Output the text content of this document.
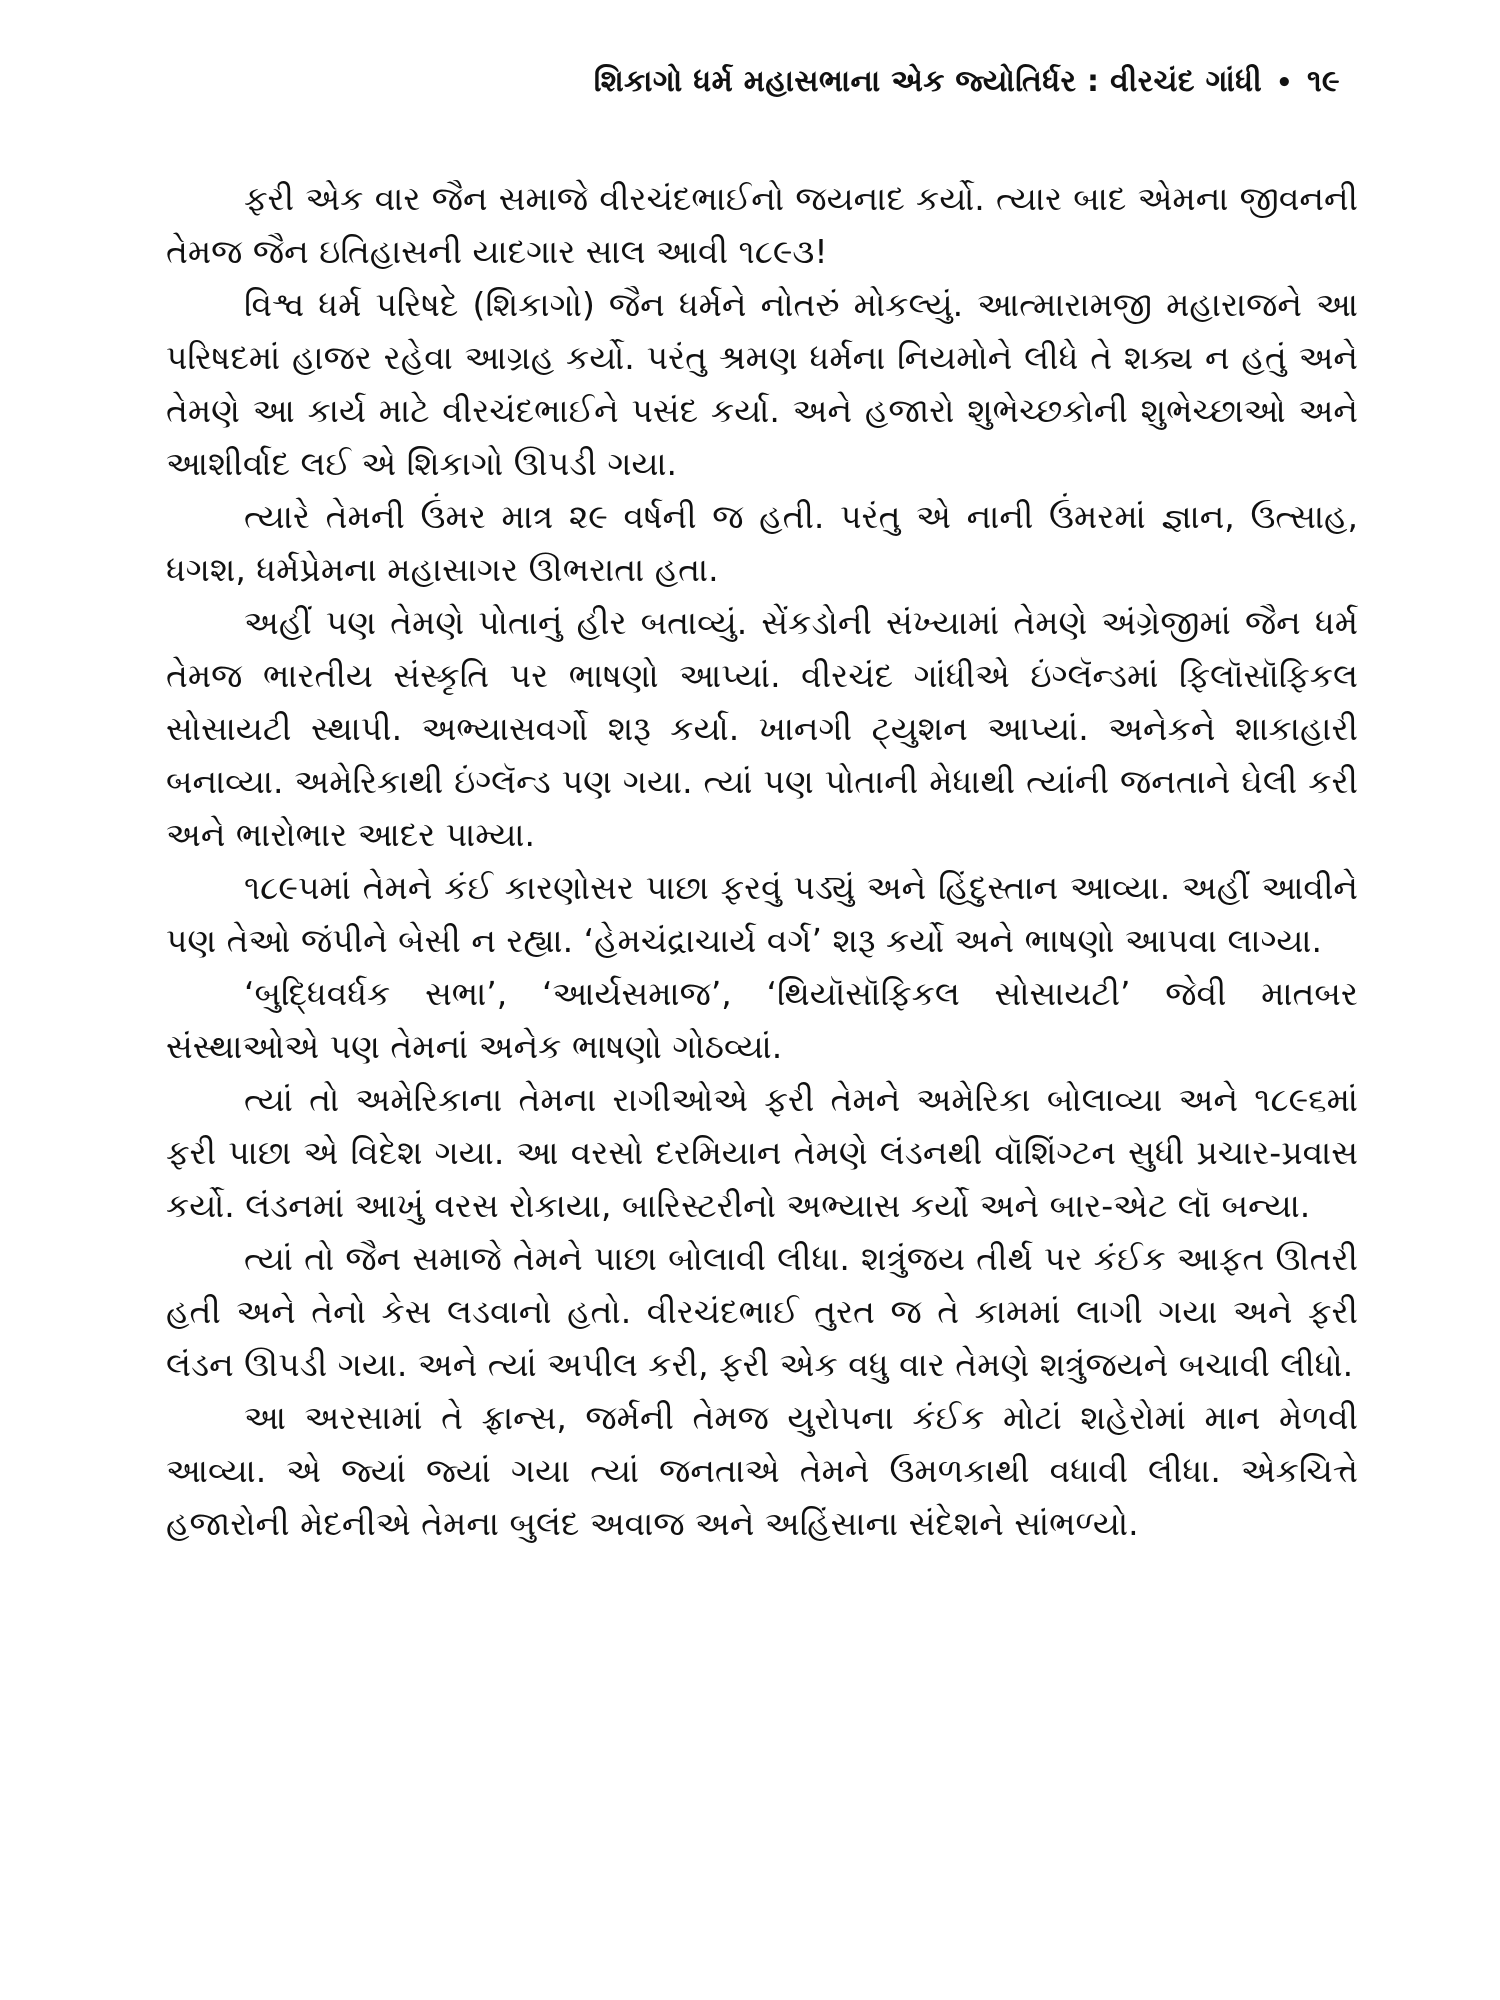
શિકાગો ધર્મ મહાસભાના એક જ્યોતિર્ધર : વીરચંદ ગાંધી • ૧૯

ફરી એક વાર જૈન સમાજે વીરચંદભાઈનો જયનાદ કર્યો. ત્યાર બાદ એમના જીવનની તેમજ જૈન ઇતિહાસની યાદગાર સાલ આવી ૧૮૯૩!

વિશ્વ ધર્મ પરિષદે (શિકાગો) જૈન ધર્મને નોતરું મોકલ્યું. આત્મારામજી મહારાજને આ પરિષદમાં હાજર રહેવા આગ્રહ કર્યો. પરંતુ શ્રમણ ધર્મના નિયમોને લીધે તે શક્ય ન હતું અને તેમણે આ કાર્ય માટે વીરચંદભાઈને પસંદ કર્યા. અને હજારો શુભેચ્છકોની શુભેચ્છાઓ અને આશીર્વાદ લઈ એ શિકાગો ઊપડી ગયા.

ત્યારે તેમની ઉંમર માત્ર ૨૯ વર્ષની જ હતી. પરંતુ એ નાની ઉંમરમાં જ્ઞાન, ઉત્સાહ, ધગશ, ધર્મપ્રેમના મહાસાગર ઊભરાતા હતા.

અહીં પણ તેમણે પોતાનું હીર બતાવ્યું. સેંકડોની સંખ્યામાં તેમણે અંગ્રેજીમાં જૈન ધર્મ તેમજ ભારતીય સંસ્કૃતિ પર ભાષણો આપ્યાં. વીરચંદ ગાંધીએ ઇંગ્લૅન્ડમાં ફિલૉસૉફિકલ સોસાયટી સ્થાપી. અભ્યાસવર્ગો શરૂ કર્યા. ખાનગી ટ્યુશન આપ્યાં. અનેકને શાકાહારી બનાવ્યા. અમેરિકાથી ઇંગ્લૅન્ડ પણ ગયા. ત્યાં પણ પોતાની મેધાથી ત્યાંની જનતાને ઘેલી કરી અને ભારોભાર આદર પામ્યા.

૧૮૯૫માં તેમને કંઈ કારણોસર પાછા ફરવું પડ્યું અને હિંદુસ્તાન આવ્યા. અહીં આવીને પણ તેઓ જંપીને બેસી ન રહ્યા. ‘હેમચંદ્રાચાર્ય વર્ગ’ શરૂ કર્યો અને ભાષણો આપવા લાગ્યા.

‘બુદ્ધિવર્ધક સભા’, ‘આર્યસમાજ’, ‘થિયૉસૉફિકલ સોસાયટી’ જેવી માતબર સંસ્થાઓએ પણ તેમનાં અનેક ભાષણો ગોઠવ્યાં.

ત્યાં તો અમેરિકાના તેમના રાગીઓએ ફરી તેમને અમેરિકા બોલાવ્યા અને ૧૮૯૬માં ફરી પાછા એ વિદેશ ગયા. આ વરસો દરમિયાન તેમણે લંડનથી વૉશિંગ્ટન સુધી પ્રચાર-પ્રવાસ કર્યો. લંડનમાં આખું વરસ રોકાયા, બારિસ્ટરીનો અભ્યાસ કર્યો અને બાર-એટ લૉ બન્યા.

ત્યાં તો જૈન સમાજે તેમને પાછા બોલાવી લીધા. શત્રુંજય તીર્થ પર કંઈક આફત ઊતરી હતી અને તેનો કેસ લડવાનો હતો. વીરચંદભાઈ તુરત જ તે કામમાં લાગી ગયા અને ફરી લંડન ઊપડી ગયા. અને ત્યાં અપીલ કરી, ફરી એક વધુ વાર તેમણે શત્રુંજયને બચાવી લીધો.

આ અરસામાં તે ફ્રાન્સ, જર્મની તેમજ યુરોપના કંઈક મોટાં શહેરોમાં માન મેળવી આવ્યા. એ જ્યાં જ્યાં ગયા ત્યાં જનતાએ તેમને ઉમળકાથી વધાવી લીધા. એકચિત્તે હજારોની મેદનીએ તેમના બુલંદ અવાજ અને અહિંસાના સંદેશને સાંભળ્યો.
